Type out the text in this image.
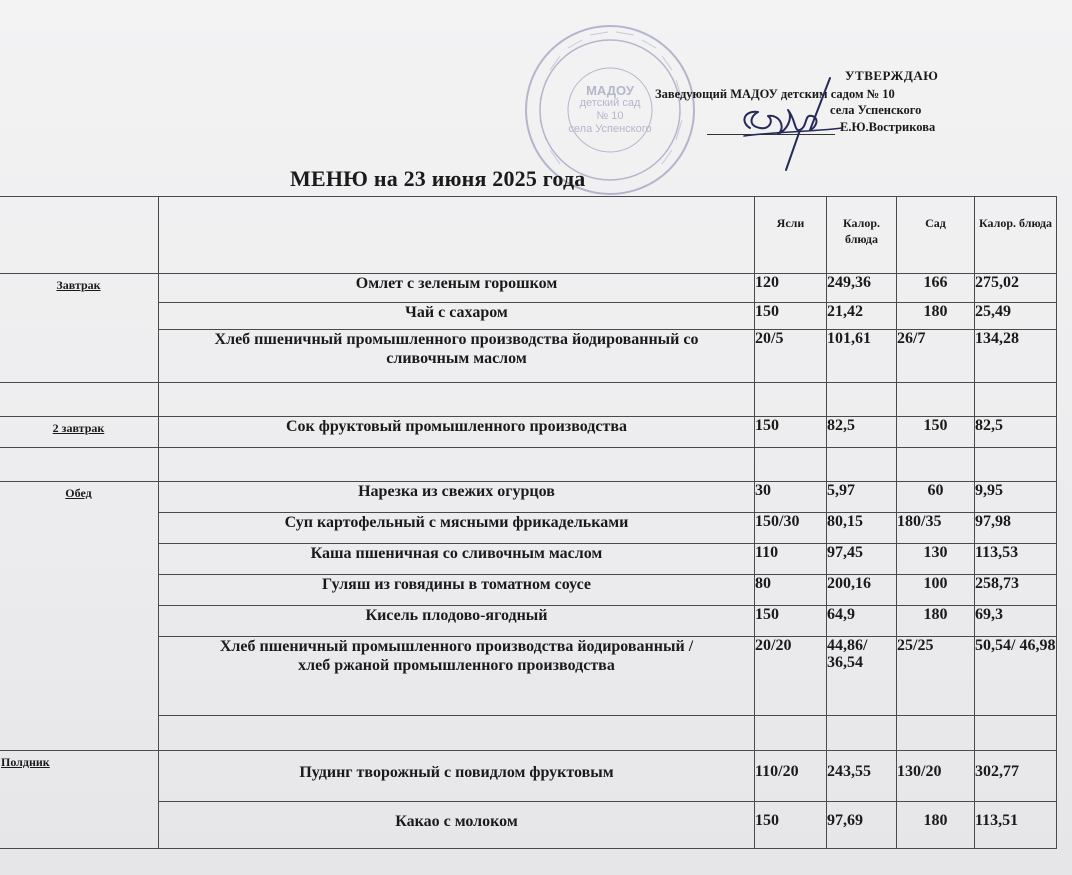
МАДОУ
детский сад
№ 10
села Успенского
УТВЕРЖДАЮ
Заведующий МАДОУ детским садом № 10
села Успенского
Е.Ю.Вострикова
МЕНЮ на 23 июня 2025 года
		Ясли	Калор. блюда	Сад	Калор. блюда

Завтрак	Омлет с зеленым горошком	120	249,36	166	275,02
	Чай с сахаром	150	21,42	180	25,49
	Хлеб пшеничный промышленного производства йодированный со сливочным маслом	20/5	101,61	26/7	134,28

2 завтрак	Сок фруктовый промышленного производства	150	82,5	150	82,5

Обед	Нарезка из свежих огурцов	30	5,97	60	9,95
	Суп картофельный с мясными фрикадельками	150/30	80,15	180/35	97,98
	Каша пшеничная со сливочным маслом	110	97,45	130	113,53
	Гуляш из говядины в томатном соусе	80	200,16	100	258,73
	Кисель плодово-ягодный	150	64,9	180	69,3
	Хлеб пшеничный промышленного производства йодированный /хлеб ржаной промышленного производства	20/20	44,86/ 36,54	25/25	50,54/ 46,98

Полдник	Пудинг творожный с повидлом фруктовым	110/20	243,55	130/20	302,77
	Какао с молоком	150	97,69	180	113,51
